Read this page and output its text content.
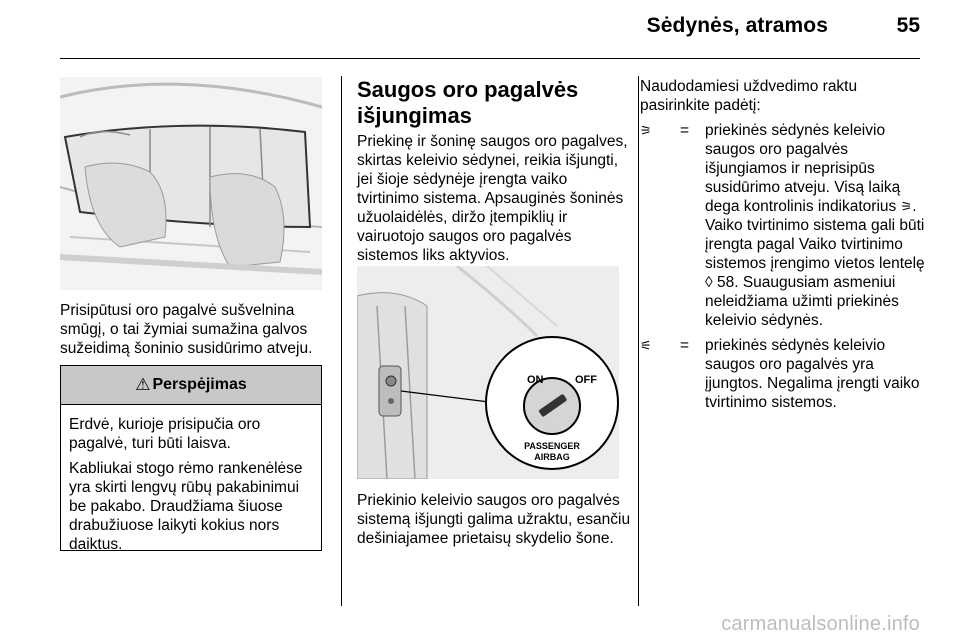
Sėdynės, atramos	55
Prisipūtusi oro pagalvė sušvelnina smūgį, o tai žymiai sumažina galvos sužeidimą šoninio susidūrimo atveju.
⚠ Perspėjimas

Erdvė, kurioje prisipučia oro pagalvė, turi būti laisva.

Kabliukai stogo rėmo rankenėlėse yra skirti lengvų rūbų pakabinimui be pakabo. Draudžiama šiuose drabužiuose laikyti kokius nors daiktus.

Saugos oro pagalvės išjungimas
Priekinę ir šoninę saugos oro pagalves, skirtas keleivio sėdynei, reikia išjungti, jei šioje sėdynėje įrengta vaiko tvirtinimo sistema. Apsauginės šoninės užuolaidėlės, diržo įtempiklių ir vairuotojo saugos oro pagalvės sistemos liks aktyvios.
ON	OFF
PASSENGER
AIRBAG
Priekinio keleivio saugos oro pagalvės sistemą išjungti galima užraktu, esančiu dešiniajamee prietaisų skydelio šone.
Naudodamiesi uždvedimo raktu pasirinkite padėtį:
⚞	= priekinės sėdynės keleivio saugos oro pagalvės išjungiamos ir neprisipūs susidūrimo atveju. Visą laiką dega kontrolinis indikatorius ⚞. Vaiko tvirtinimo sistema gali būti įrengta pagal Vaiko tvirtinimo sistemos įrengimo vietos lentelę ◊ 58. Suaugusiam asmeniui neleidžiama užimti priekinės keleivio sėdynės.
⚟	= priekinės sėdynės keleivio saugos oro pagalvės yra įjungtos. Negalima įrengti vaiko tvirtinimo sistemos.
carmanualsonline.info
